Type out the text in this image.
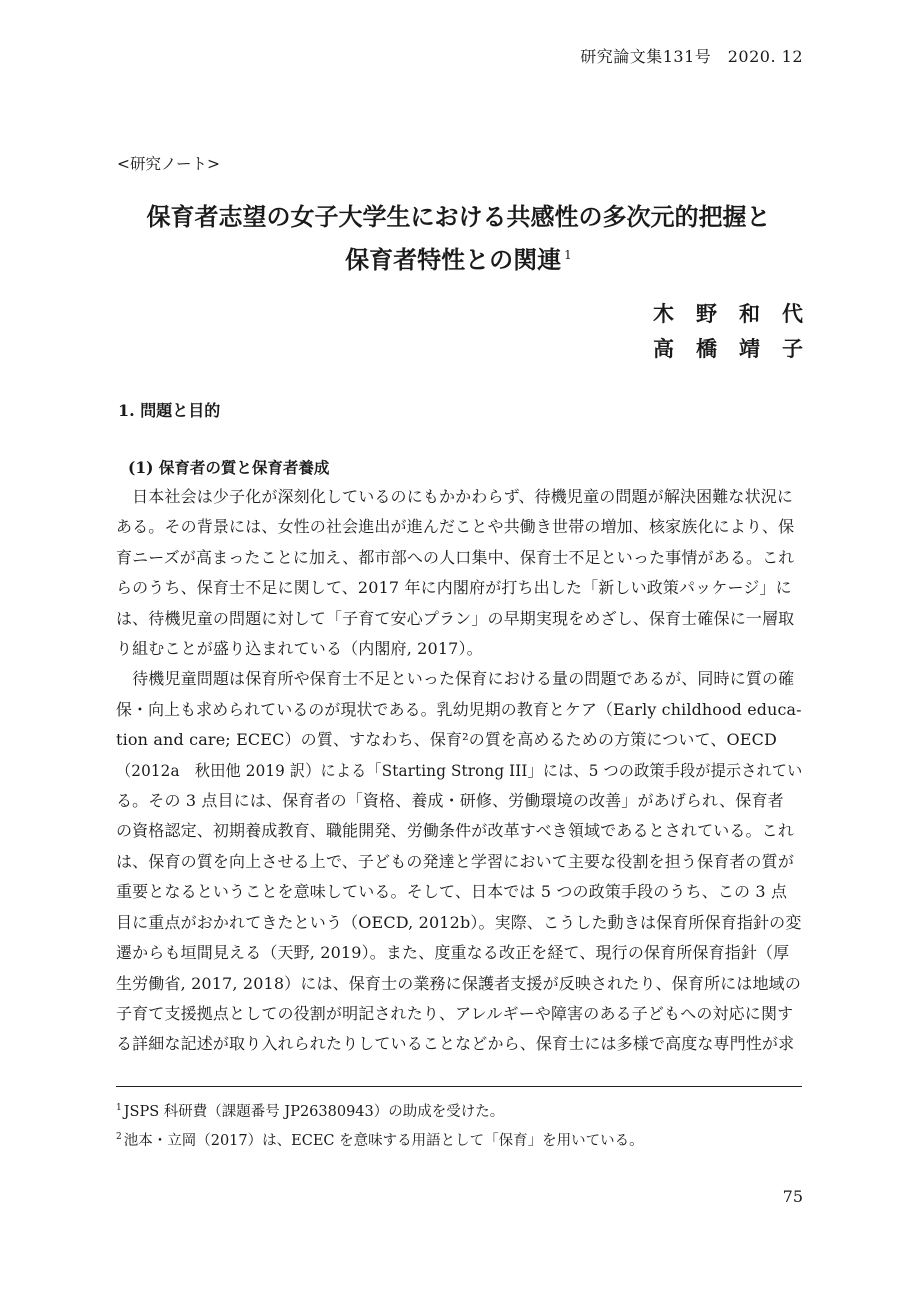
研究論文集131号　2020. 12
<研究ノート>
保育者志望の女子大学生における共感性の多次元的把握と
保育者特性との関連 $^1$
木野和代
高橋靖子
1. 問題と目的
(1) 保育者の質と保育者養成
　日本社会は少子化が深刻化しているのにもかかわらず、待機児童の問題が解決困難な状況に
ある。その背景には、女性の社会進出が進んだことや共働き世帯の増加、核家族化により、保
育ニーズが高まったことに加え、都市部への人口集中、保育士不足といった事情がある。これ
らのうち、保育士不足に関して、2017 年に内閣府が打ち出した「新しい政策パッケージ」に
は、待機児童の問題に対して「子育て安心プラン」の早期実現をめざし、保育士確保に一層取
り組むことが盛り込まれている（内閣府, 2017）。
　待機児童問題は保育所や保育士不足といった保育における量の問題であるが、同時に質の確
保・向上も求められているのが現状である。乳幼児期の教育とケア（Early childhood educa-
tion and care; ECEC）の質、すなわち、保育²の質を高めるための方策について、OECD
（2012a　秋田他 2019 訳）による「Starting Strong III」には、5 つの政策手段が提示されてい
る。その 3 点目には、保育者の「資格、養成・研修、労働環境の改善」があげられ、保育者
の資格認定、初期養成教育、職能開発、労働条件が改革すべき領域であるとされている。これ
は、保育の質を向上させる上で、子どもの発達と学習において主要な役割を担う保育者の質が
重要となるということを意味している。そして、日本では 5 つの政策手段のうち、この 3 点
目に重点がおかれてきたという（OECD, 2012b）。実際、こうした動きは保育所保育指針の変
遷からも垣間見える（天野, 2019）。また、度重なる改正を経て、現行の保育所保育指針（厚
生労働省, 2017, 2018）には、保育士の業務に保護者支援が反映されたり、保育所には地域の
子育て支援拠点としての役割が明記されたり、アレルギーや障害のある子どもへの対応に関す
る詳細な記述が取り入れられたりしていることなどから、保育士には多様で高度な専門性が求
$^1$ JSPS 科研費（課題番号 JP26380943）の助成を受けた。
$^2$ 池本・立岡（2017）は、ECEC を意味する用語として「保育」を用いている。
75
